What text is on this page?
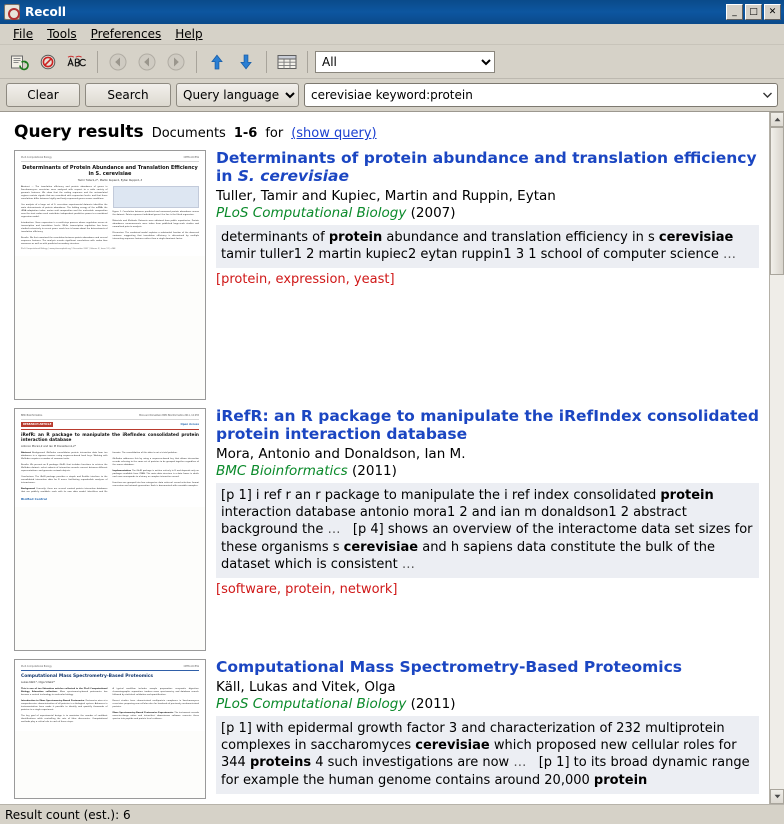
Recoll	_	□	✕
File	Tools	Preferences	Help
All
Clear	Search
Query language
cerevisiae keyword:protein
Query results Documents 1-6 for (show query)
PLoS Computational Biology	OPEN ACCESS
Determinants of Protein Abundance and Translation Efficiency in S. cerevisiae
Tamir Tuller1,2*, Martin Kupiec2, Eytan Ruppin1,3

Abstract — The translation efficiency and protein abundance of genes in Saccharomyces cerevisiae were analysed with respect to a wide variety of genomic features. We show that the coding sequence and the untranslated regions contain signals that are correlated with expression levels, and that these correlations differ between highly and lowly expressed genes across conditions.

Our analysis of a large set of S. cerevisiae experimental datasets identifies the main determinants of protein abundance. The folding energy of the mRNA, the tRNA adaptation index, amino acid composition and the nucleotide composition near the start codon each contribute independent predictive power to a combined regression model.

Introduction. Gene expression is a multi-step process whose regulation occurs at transcription and translation levels. While transcription regulation has been studied extensively in recent years, much less is known about the determinants of translation efficiency.

Results. We first examined the correlation between protein abundance and several sequence features. The analysis reveals significant correlations with codon bias measures as well as with predicted secondary structure.

Figure 1. Correlation between predicted and measured protein abundance across the dataset. Points represent individual genes; the line is the fitted regression.

Materials and Methods. Datasets were obtained from public repositories. Protein abundance measurements were taken from published large-scale studies and normalized prior to analysis.

Discussion. The combined model explains a substantial fraction of the observed variance, suggesting that translation efficiency is determined by multiple interacting sequence features rather than a single dominant factor.

PLoS Computational Biology | www.ploscompbiol.org 1 December 2007 | Volume 3 | Issue 12 | e248
Determinants of protein abundance and translation efficiency in S. cerevisiae
Tuller, Tamir and Kupiec, Martin and Ruppin, Eytan
PLoS Computational Biology (2007)
determinants of protein abundance and translation efficiency in s cerevisiae tamir tuller1 2 martin kupiec2 eytan ruppin1 3 1 school of computer science …
[protein, expression, yeast]
BMC Bioinformatics	Mora and Donaldson BMC Bioinformatics 2011, 12:455
RESEARCH ARTICLE	Open Access
iRefR: an R package to manipulate the iRefIndex consolidated protein interaction database
Antonio Mora1,2 and Ian M Donaldson1,2*

Abstract Background: iRefIndex consolidates protein interaction data from ten databases in a rigorous manner using sequence-based hash keys. Working with iRefIndex requires a number of common tasks.

Results: We present an R package, iRefR, that includes functions to retrieve the iRefIndex dataset, select subsets of interaction records, convert between different representations, and generate network objects.

Conclusions: The iRefR package provides a simple and flexible interface to the consolidated interaction data for R users, facilitating reproducible analyses of interactomes.

Background Currently, there are several curated protein interaction databases that are publicly available, each with its own data model, identifiers and file formats. The consolidation of this data is not a trivial problem.

iRefIndex addresses this by using a sequence-based key that allows interaction records referring to the same set of proteins to be grouped together regardless of the source database.

Implementation The iRefR package is written entirely in R and depends only on packages available from CRAN. The main data structure is a data frame in which each row corresponds to a binary or complex interaction record.

Functions are grouped into four categories: data retrieval, record selection, format conversion and network generation. Each is documented with runnable examples.

BioMed Central
iRefR: an R package to manipulate the iRefIndex consolidated protein interaction database
Mora, Antonio and Donaldson, Ian M.
BMC Bioinformatics (2011)
[p 1] i ref r an r package to manipulate the i ref index consolidated protein interaction database antonio mora1 2 and ian m donaldson1 2 abstract background the …   [p 4] shows an overview of the interactome data set sizes for these organisms s cerevisiae and h sapiens data constitute the bulk of the dataset which is consistent …
[software, protein, network]
PLoS Computational Biology	OPEN ACCESS
Computational Mass Spectrometry-Based Proteomics
Lukas Käll1*, Olga Vitek2*

This is one of ten Education articles collected in the PLoS Computational Biology Education collection. Mass spectrometry-based proteomics has become a central technology in molecular biology.

Introduction to Mass Spectrometry-Based Proteomics. Proteomics aims at a comprehensive characterization of all proteins in a biological system. Advances in instrumentation have made it possible to identify and quantify thousands of proteins in a single experiment.

The key goal of experimental design is to maximize the number of confident identifications while controlling the rate of false discoveries. Computational methods play a critical role in each of these steps.

A typical workflow includes sample preparation, enzymatic digestion, chromatographic separation, tandem mass spectrometry and database search, followed by statistical validation and quantification.

Recent studies have characterized multiprotein complexes in Saccharomyces cerevisiae, proposing new cellular roles for hundreds of previously uncharacterized proteins.

Mass Spectrometry-Based Proteomics Experiments. The instrument records mass-to-charge ratios and intensities; downstream software converts these spectra into peptide and protein level evidence.

Computational Mass Spectrometry-Based Proteomics
Käll, Lukas and Vitek, Olga
PLoS Computational Biology (2011)
[p 1] with epidermal growth factor 3 and characterization of 232 multiprotein complexes in saccharomyces cerevisiae which proposed new cellular roles for 344 proteins 4 such investigations are now …   [p 1] to its broad dynamic range for example the human genome contains around 20,000 protein
Result count (est.): 6
